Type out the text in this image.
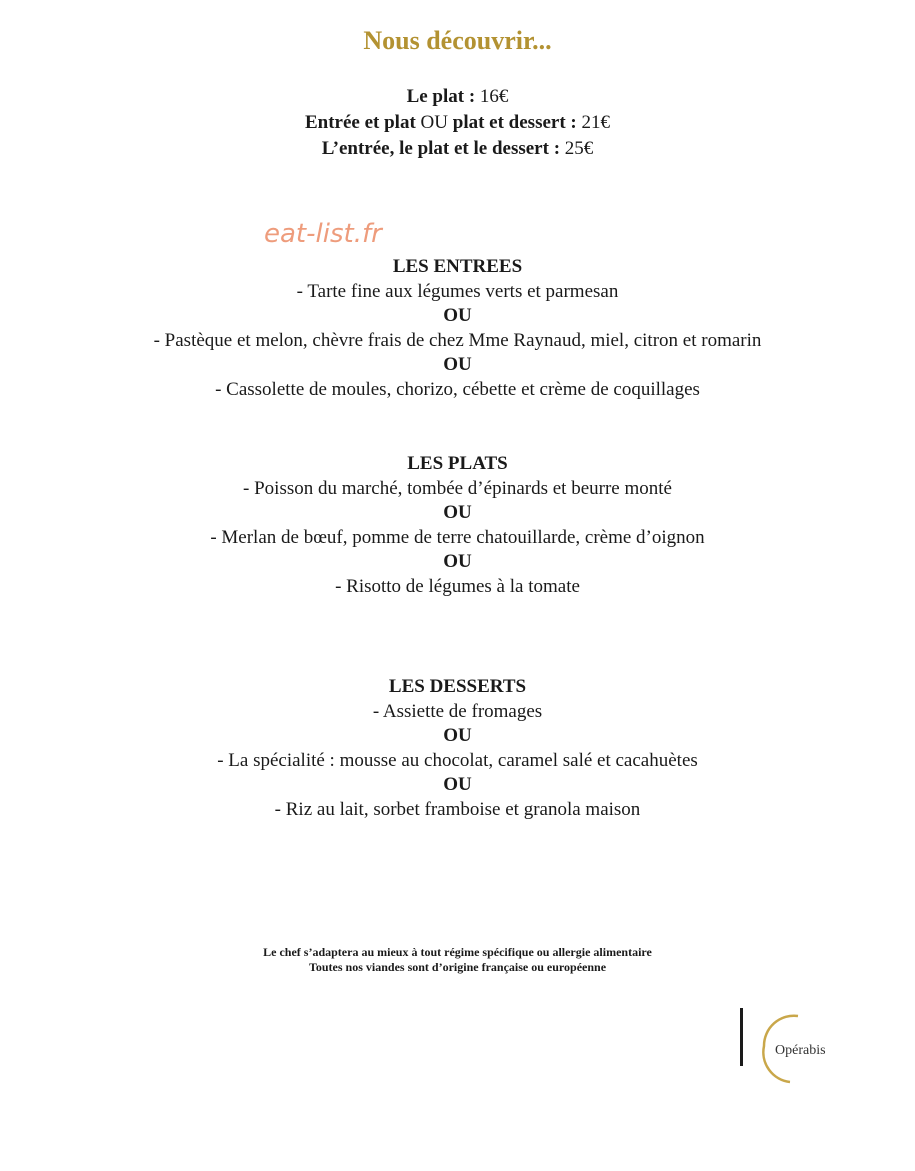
Nous découvrir...
Le plat : 16€
Entrée et plat OU plat et dessert : 21€
L’entrée, le plat et le dessert : 25€
eat-list.fr
LES ENTREES
- Tarte fine aux légumes verts et parmesan
OU
- Pastèque et melon, chèvre frais de chez Mme Raynaud, miel, citron et romarin
OU
- Cassolette de moules, chorizo, cébette et crème de coquillages
LES PLATS
- Poisson du marché, tombée d’épinards et beurre monté
OU
- Merlan de bœuf, pomme de terre chatouillarde, crème d’oignon
OU
- Risotto de légumes à la tomate
LES DESSERTS
- Assiette de fromages
OU
- La spécialité : mousse au chocolat, caramel salé et cacahuètes
OU
- Riz au lait, sorbet framboise et granola maison
Le chef s’adaptera au mieux à tout régime spécifique ou allergie alimentaire
Toutes nos viandes sont d’origine française ou européenne
Opérabis
